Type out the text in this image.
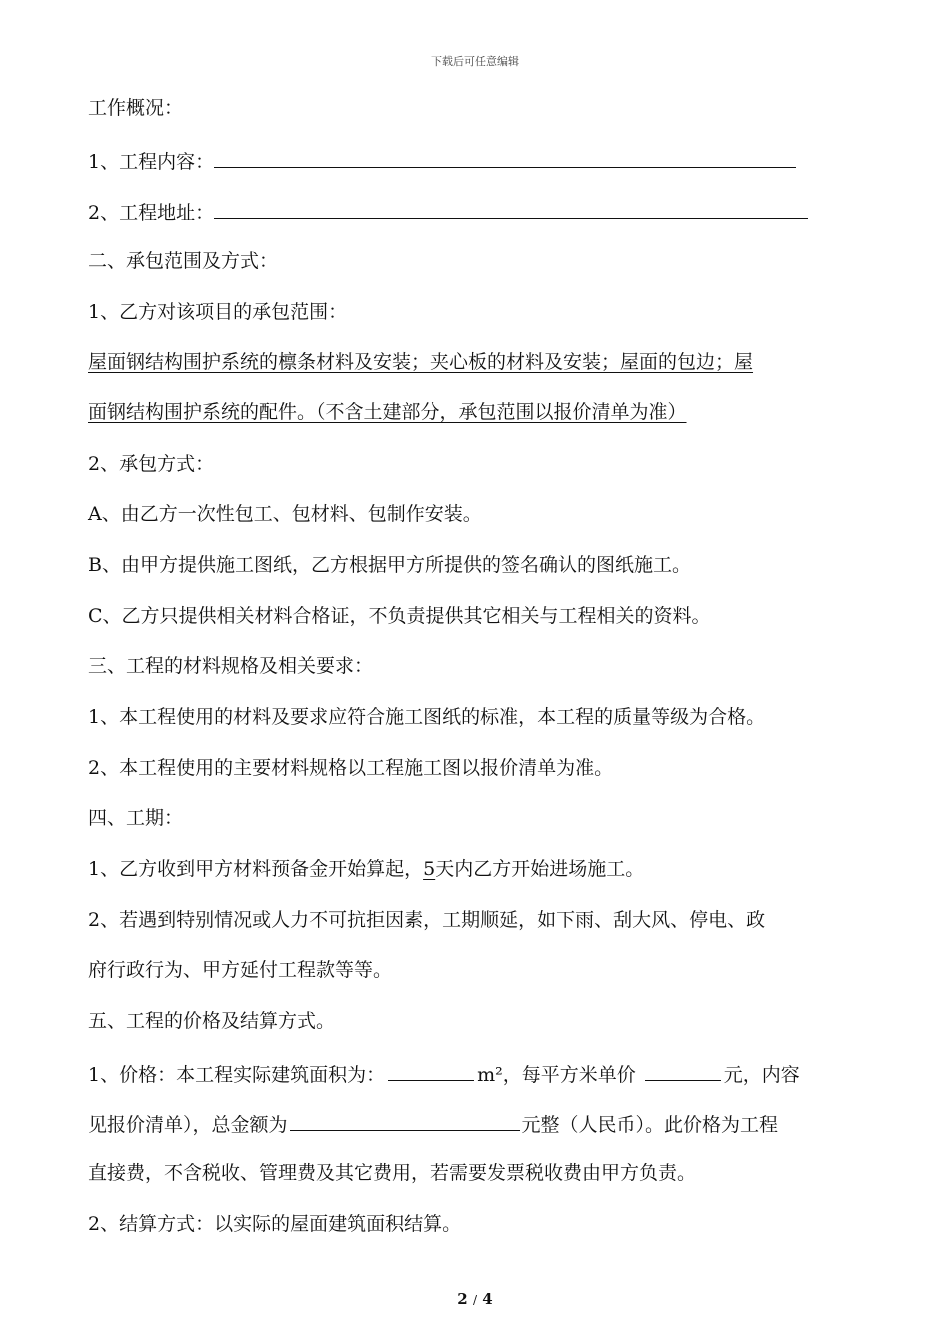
下载后可任意编辑
工作概况：
1、工程内容：
2、工程地址：
二、承包范围及方式：
1、乙方对该项目的承包范围：
屋面钢结构围护系统的檩条材料及安装；夹心板的材料及安装；屋面的包边；屋
面钢结构围护系统的配件。（不含土建部分，承包范围以报价清单为准）
2、承包方式：
A、由乙方一次性包工、包材料、包制作安装。
B、由甲方提供施工图纸，乙方根据甲方所提供的签名确认的图纸施工。
C、乙方只提供相关材料合格证，不负责提供其它相关与工程相关的资料。
三、工程的材料规格及相关要求：
1、本工程使用的材料及要求应符合施工图纸的标准，本工程的质量等级为合格。
2、本工程使用的主要材料规格以工程施工图以报价清单为准。
四、工期：
1、乙方收到甲方材料预备金开始算起，5天内乙方开始进场施工。
2、若遇到特别情况或人力不可抗拒因素，工期顺延，如下雨、刮大风、停电、政
府行政行为、甲方延付工程款等等。
五、工程的价格及结算方式。
1、价格：本工程实际建筑面积为：	m²，每平方米单价	元，内容
见报价清单），总金额为	元整（人民币）。此价格为工程
直接费，不含税收、管理费及其它费用，若需要发票税收费由甲方负责。
2、结算方式：以实际的屋面建筑面积结算。
2 / 4
